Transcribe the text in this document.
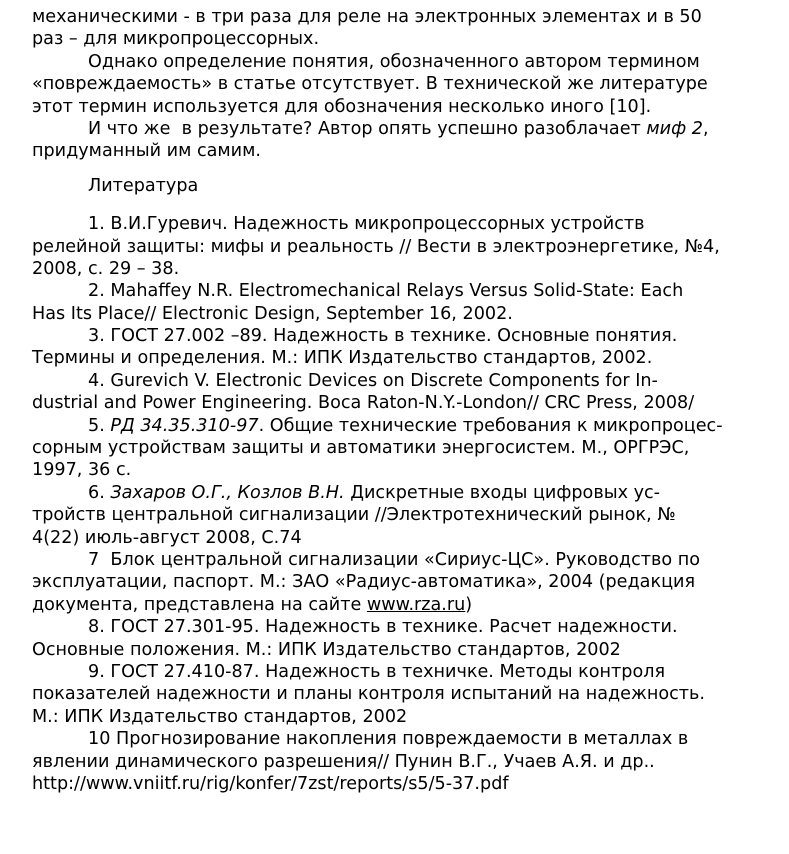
механическими - в три раза для реле на электронных элементах и в 50
раз – для микропроцессорных.
Однако определение понятия, обозначенного автором термином
«повреждаемость» в статье отсутствует. В технической же литературе
этот термин используется для обозначения несколько иного [10].
И что же  в результате? Автор опять успешно разоблачает миф 2,
придуманный им самим.
Литература
1. В.И.Гуревич. Надежность микропроцессорных устройств
релейной защиты: мифы и реальность // Вести в электроэнергетике, №4,
2008, с. 29 – 38.
2. Mahaffey N.R. Electromechanical Relays Versus Solid-State: Each
Has Its Place// Electronic Design, September 16, 2002.
3. ГОСТ 27.002 –89. Надежность в технике. Основные понятия.
Термины и определения. М.: ИПК Издательство стандартов, 2002.
4. Gurevich V. Electronic Devices on Discrete Components for In-
dustrial and Power Engineering. Boca Raton-N.Y.-London// CRC Press, 2008/
5. РД 34.35.310-97. Общие технические требования к микропроцес-
сорным устройствам защиты и автоматики энергосистем. М., ОРГРЭС,
1997, 36 с.
6. Захаров О.Г., Козлов В.Н. Дискретные входы цифровых ус-
тройств центральной сигнализации //Электротехнический рынок, №
4(22) июль-август 2008, С.74
7  Блок центральной сигнализации «Сириус-ЦС». Руководство по
эксплуатации, паспорт. М.: ЗАО «Радиус-автоматика», 2004 (редакция
документа, представлена на сайте www.rza.ru)
8. ГОСТ 27.301-95. Надежность в технике. Расчет надежности.
Основные положения. М.: ИПК Издательство стандартов, 2002
9. ГОСТ 27.410-87. Надежность в техничке. Методы контроля
показателей надежности и планы контроля испытаний на надежность.
М.: ИПК Издательство стандартов, 2002
10 Прогнозирование накопления повреждаемости в металлах в
явлении динамического разрешения// Пунин В.Г., Учаев А.Я. и др..
http://www.vniitf.ru/rig/konfer/7zst/reports/s5/5-37.pdf
